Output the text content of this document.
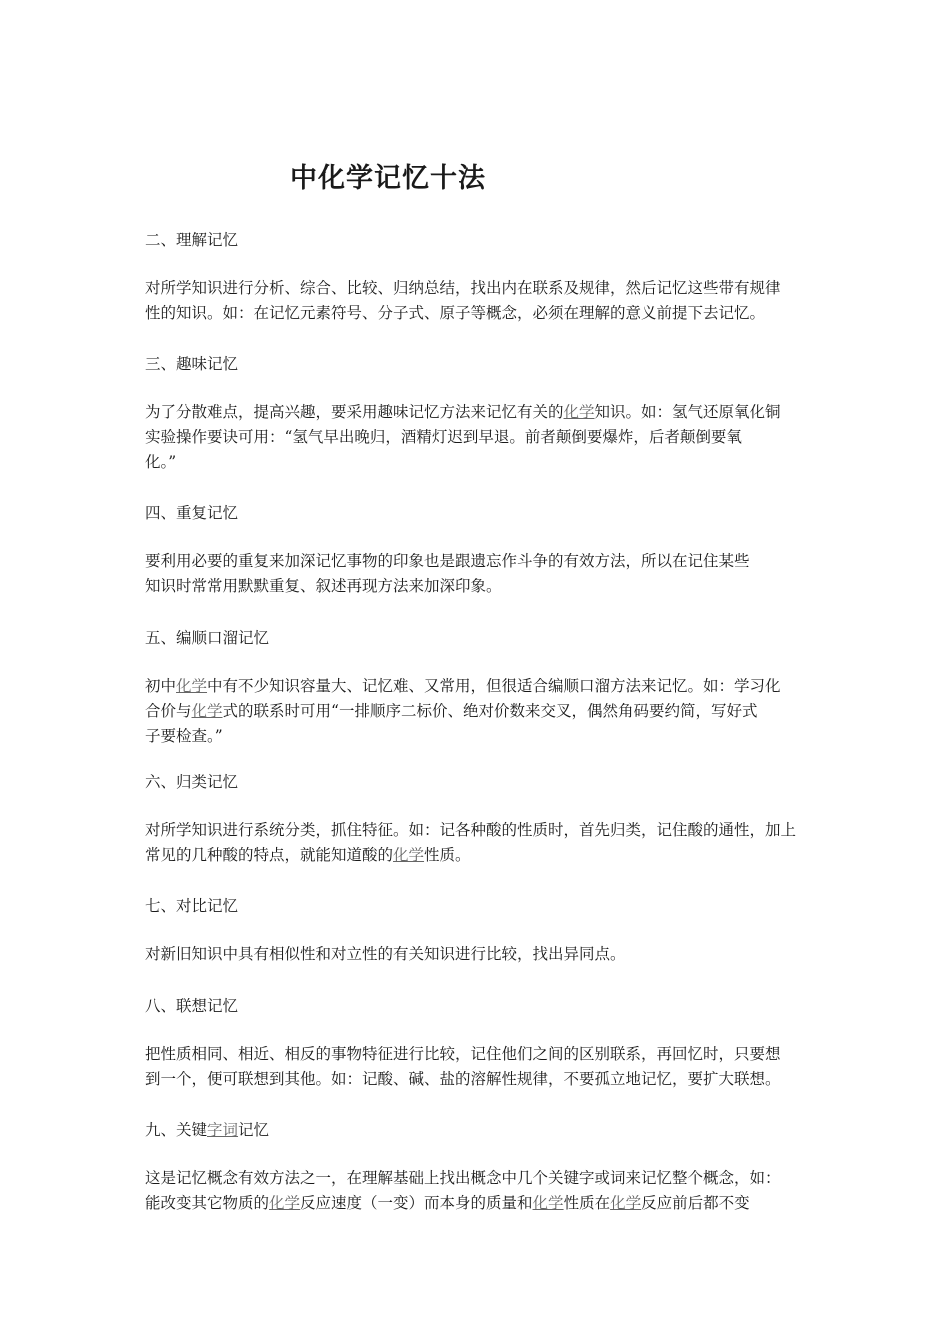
中化学记忆十法
二、理解记忆

对所学知识进行分析、综合、比较、归纳总结，找出内在联系及规律，然后记忆这些带有规律

性的知识。如：在记忆元素符号、分子式、原子等概念，必须在理解的意义前提下去记忆。

三、趣味记忆

为了分散难点，提高兴趣，要采用趣味记忆方法来记忆有关的化学知识。如：氢气还原氧化铜

实验操作要诀可用：“氢气早出晚归，酒精灯迟到早退。前者颠倒要爆炸，后者颠倒要氧

化。”

四、重复记忆

要利用必要的重复来加深记忆事物的印象也是跟遗忘作斗争的有效方法，所以在记住某些

知识时常常用默默重复、叙述再现方法来加深印象。

五、编顺口溜记忆

初中化学中有不少知识容量大、记忆难、又常用，但很适合编顺口溜方法来记忆。如：学习化

合价与化学式的联系时可用“一排顺序二标价、绝对价数来交叉，偶然角码要约简，写好式

子要检查。”

六、归类记忆

对所学知识进行系统分类，抓住特征。如：记各种酸的性质时，首先归类，记住酸的通性，加上

常见的几种酸的特点，就能知道酸的化学性质。

七、对比记忆

对新旧知识中具有相似性和对立性的有关知识进行比较，找出异同点。

八、联想记忆

把性质相同、相近、相反的事物特征进行比较，记住他们之间的区别联系，再回忆时，只要想

到一个，便可联想到其他。如：记酸、碱、盐的溶解性规律，不要孤立地记忆，要扩大联想。

九、关键字词记忆

这是记忆概念有效方法之一，在理解基础上找出概念中几个关键字或词来记忆整个概念，如：

能改变其它物质的化学反应速度（一变）而本身的质量和化学性质在化学反应前后都不变
